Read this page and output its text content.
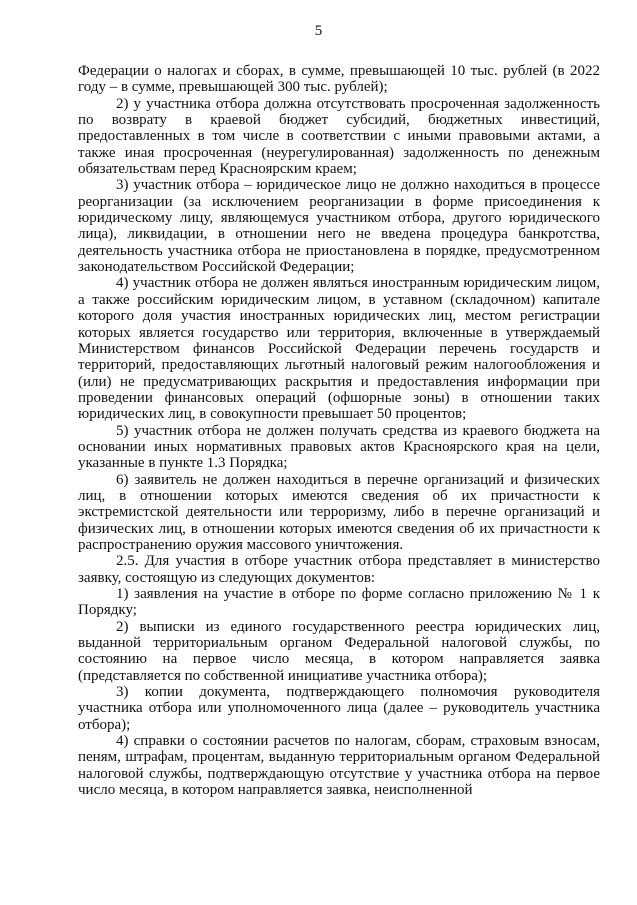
5

Федерации о налогах и сборах, в сумме, превышающей 10 тыс. рублей (в 2022 году – в сумме, превышающей 300 тыс. рублей);

2) у участника отбора должна отсутствовать просроченная задолженность по возврату в краевой бюджет субсидий, бюджетных инвестиций, предоставленных в том числе в соответствии с иными правовыми актами, а также иная просроченная (неурегулированная) задолженность по денежным обязательствам перед Красноярским краем;

3) участник отбора – юридическое лицо не должно находиться в процессе реорганизации (за исключением реорганизации в форме присоединения к юридическому лицу, являющемуся участником отбора, другого юридического лица), ликвидации, в отношении него не введена процедура банкротства, деятельность участника отбора не приостановлена в порядке, предусмотренном законодательством Российской Федерации;

4) участник отбора не должен являться иностранным юридическим лицом, а также российским юридическим лицом, в уставном (складочном) капитале которого доля участия иностранных юридических лиц, местом регистрации которых является государство или территория, включенные в утверждаемый Министерством финансов Российской Федерации перечень государств и территорий, предоставляющих льготный налоговый режим налогообложения и (или) не предусматривающих раскрытия и предоставления информации при проведении финансовых операций (офшорные зоны) в отношении таких юридических лиц, в совокупности превышает 50 процентов;

5) участник отбора не должен получать средства из краевого бюджета на основании иных нормативных правовых актов Красноярского края на цели, указанные в пункте 1.3 Порядка;

6) заявитель не должен находиться в перечне организаций и физических лиц, в отношении которых имеются сведения об их причастности к экстремистской деятельности или терроризму, либо в перечне организаций и физических лиц, в отношении которых имеются сведения об их причастности к распространению оружия массового уничтожения.

2.5. Для участия в отборе участник отбора представляет в министерство заявку, состоящую из следующих документов:

1) заявления на участие в отборе по форме согласно приложению № 1 к Порядку;

2) выписки из единого государственного реестра юридических лиц, выданной территориальным органом Федеральной налоговой службы, по состоянию на первое число месяца, в котором направляется заявка (представляется по собственной инициативе участника отбора);

3) копии документа, подтверждающего полномочия руководителя участника отбора или уполномоченного лица (далее – руководитель участника отбора);

4) справки о состоянии расчетов по налогам, сборам, страховым взносам, пеням, штрафам, процентам, выданную территориальным органом Федеральной налоговой службы, подтверждающую отсутствие у участника отбора на первое число месяца, в котором направляется заявка, неисполненной
